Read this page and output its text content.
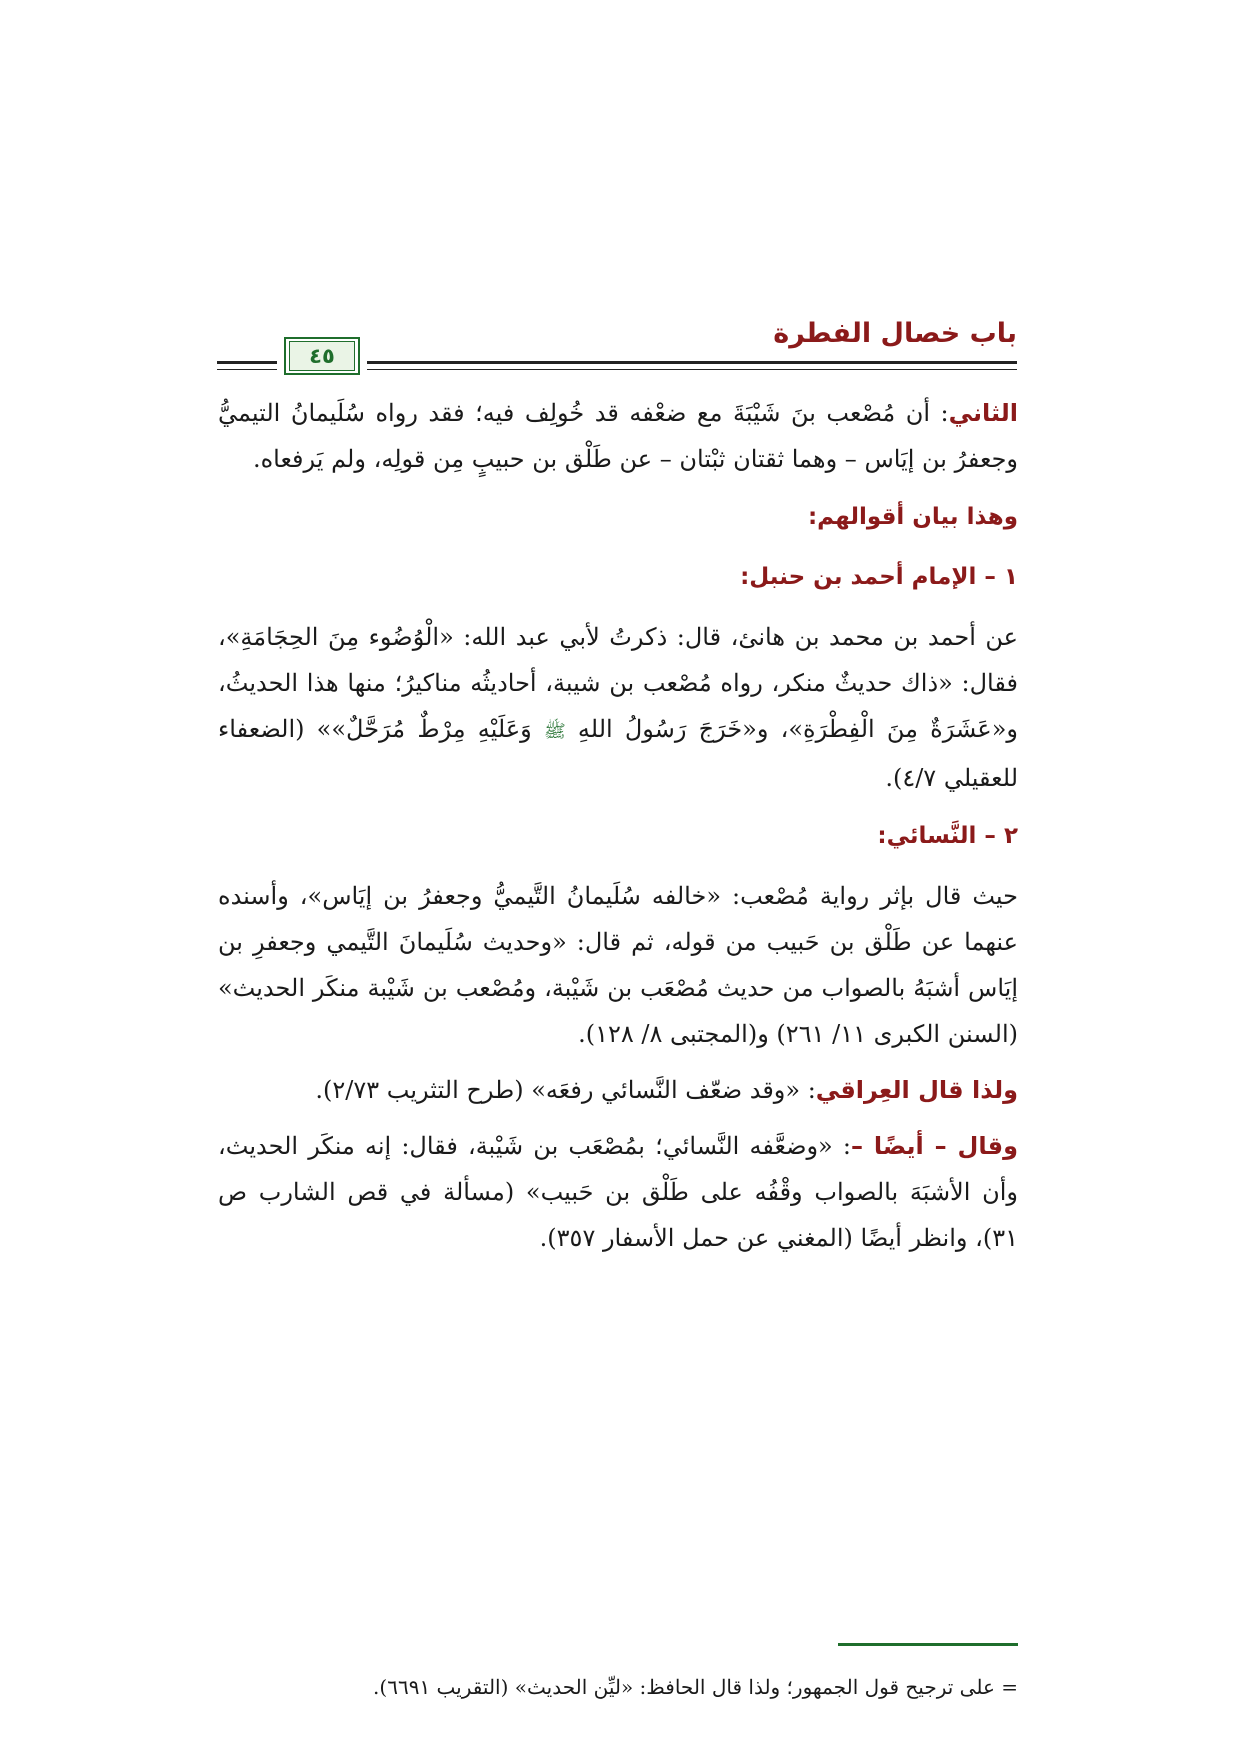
باب خصال الفطرة
٤٥

الثاني: أن مُصْعب بنَ شَيْبَةَ مع ضعْفه قد خُولِف فيه؛ فقد رواه سُلَيمانُ التيميُّ وجعفرُ بن إيَاس – وهما ثقتان ثبْتان – عن طَلْق بن حبيبٍ مِن قولِه، ولم يَرفعاه.

وهذا بيان أقوالهم:
١ – الإمام أحمد بن حنبل:

عن أحمد بن محمد بن هانئ، قال: ذكرتُ لأبي عبد الله: «الْوُضُوء مِنَ الحِجَامَةِ»، فقال: «ذاك حديثٌ منكر، رواه مُصْعب بن شيبة، أحاديثُه مناكيرُ؛ منها هذا الحديثُ، و«عَشَرَةٌ مِنَ الْفِطْرَةِ»، و«خَرَجَ رَسُولُ اللهِ ﷺ وَعَلَيْهِ مِرْطٌ مُرَحَّلٌ»» (الضعفاء للعقيلي ٤/٧).

٢ – النَّسائي:

حيث قال بإثر رواية مُصْعب: «خالفه سُلَيمانُ التَّيميُّ وجعفرُ بن إيَاس»، وأسنده عنهما عن طَلْق بن حَبيب من قوله، ثم قال: «وحديث سُلَيمانَ التَّيمي وجعفرِ بن إيَاس أشبَهُ بالصواب من حديث مُصْعَب بن شَيْبة، ومُصْعب بن شَيْبة منكَر الحديث» (السنن الكبرى ١١/ ٢٦١) و(المجتبى ٨/ ١٢٨).

ولذا قال العِراقي: «وقد ضعّف النَّسائي رفعَه» (طرح التثريب ٢/٧٣).

وقال – أيضًا –: «وضعَّفه النَّسائي؛ بمُصْعَب بن شَيْبة، فقال: إنه منكَر الحديث، وأن الأشبَهَ بالصواب وقْفُه على طَلْق بن حَبيب» (مسألة في قص الشارب ص ٣١)، وانظر أيضًا (المغني عن حمل الأسفار ٣٥٧).

= على ترجيح قول الجمهور؛ ولذا قال الحافظ: «ليِّن الحديث» (التقريب ٦٦٩١).
